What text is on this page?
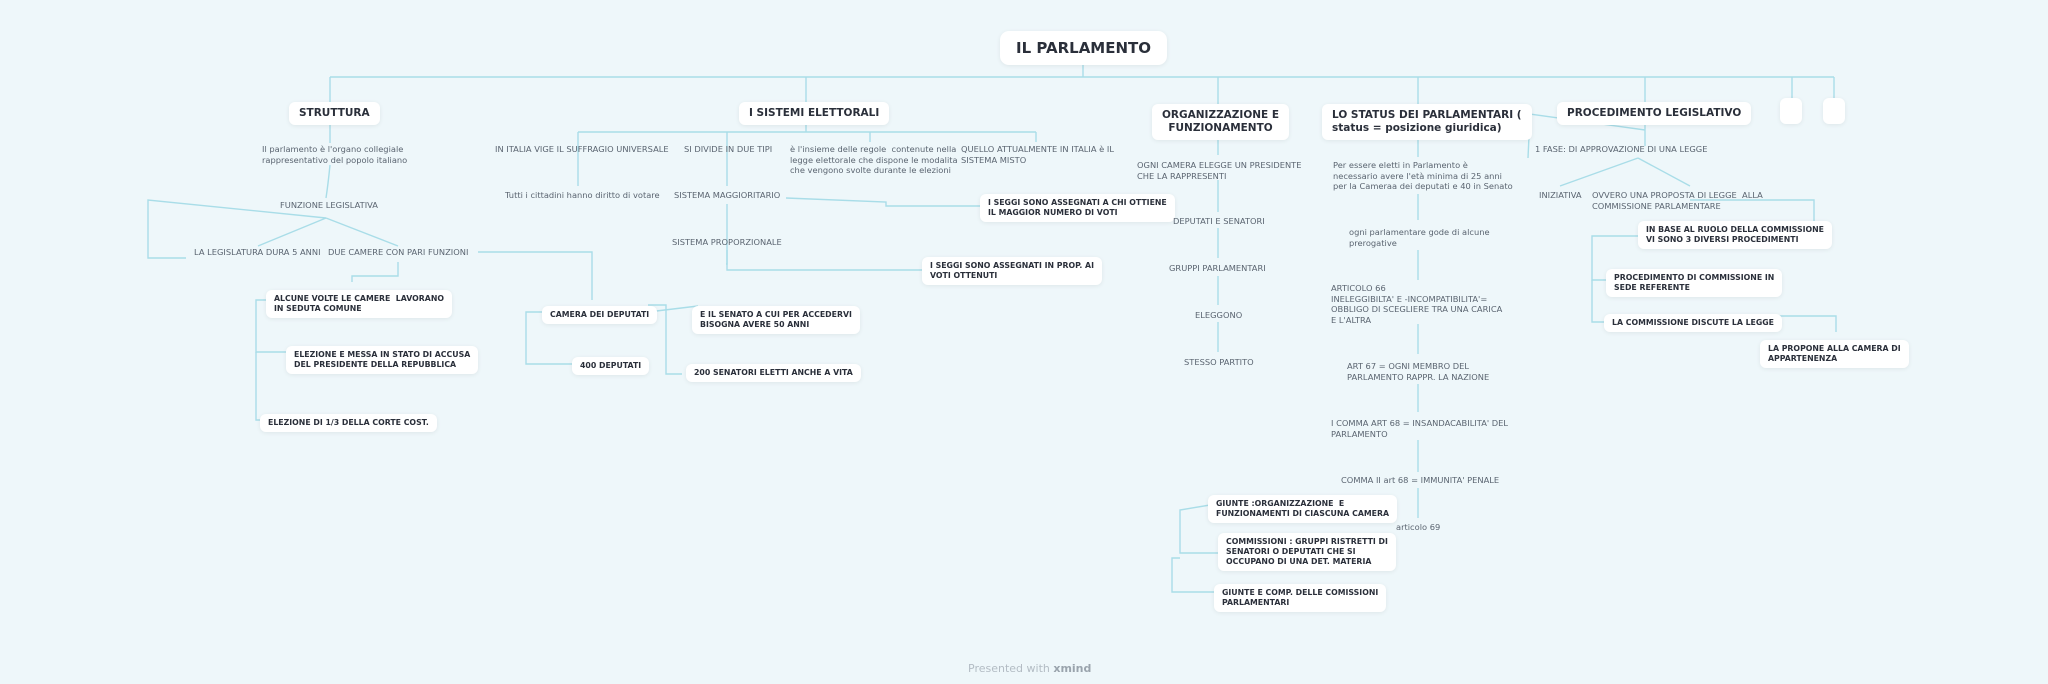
IL PARLAMENTO
STRUTTURA	I SISTEMI ELETTORALI	ORGANIZZAZIONE E
FUNZIONAMENTO
LO STATUS DEI PARLAMENTARI (
status = posizione giuridica)
PROCEDIMENTO LEGISLATIVO
Il parlamento è l'organo collegiale
rappresentativo del popolo italiano
FUNZIONE LEGISLATIVA
LA LEGISLATURA DURA 5 ANNI DUE CAMERE CON PARI FUNZIONI
ALCUNE VOLTE LE CAMERE  LAVORANO
IN SEDUTA COMUNE
ELEZIONE E MESSA IN STATO DI ACCUSA
DEL PRESIDENTE DELLA REPUBBLICA
ELEZIONE DI 1/3 DELLA CORTE COST.
CAMERA DEI DEPUTATI
400 DEPUTATI
E IL SENATO A CUI PER ACCEDERVI
BISOGNA AVERE 50 ANNI
200 SENATORI ELETTI ANCHE A VITA
IN ITALIA VIGE IL SUFFRAGIO UNIVERSALE
Tutti i cittadini hanno diritto di votare
SI DIVIDE IN DUE TIPI
SISTEMA MAGGIORITARIO
SISTEMA PROPORZIONALE
I SEGGI SONO ASSEGNATI A CHI OTTIENE
IL MAGGIOR NUMERO DI VOTI
I SEGGI SONO ASSEGNATI IN PROP. AI
VOTI OTTENUTI
è l'insieme delle regole  contenute nella
legge elettorale che dispone le modalita
che vengono svolte durante le elezioni
QUELLO ATTUALMENTE IN ITALIA è IL
SISTEMA MISTO
OGNI CAMERA ELEGGE UN PRESIDENTE
CHE LA RAPPRESENTI
DEPUTATI E SENATORI
GRUPPI PARLAMENTARI
ELEGGONO
STESSO PARTITO
GIUNTE :ORGANIZZAZIONE  E
FUNZIONAMENTI DI CIASCUNA CAMERA
COMMISSIONI : GRUPPI RISTRETTI DI
SENATORI O DEPUTATI CHE SI
OCCUPANO DI UNA DET. MATERIA
GIUNTE E COMP. DELLE COMISSIONI
PARLAMENTARI
Per essere eletti in Parlamento è
necessario avere l'età minima di 25 anni
per la Cameraa dei deputati e 40 in Senato
ogni parlamentare gode di alcune
prerogative
ARTICOLO 66
INELEGGIBILTA' E -INCOMPATIBILITA'=
OBBLIGO DI SCEGLIERE TRA UNA CARICA
E L'ALTRA
ART 67 = OGNI MEMBRO DEL
PARLAMENTO RAPPR. LA NAZIONE
I COMMA ART 68 = INSANDACABILITA' DEL
PARLAMENTO
COMMA II art 68 = IMMUNITA' PENALE
articolo 69
1 FASE: DI APPROVAZIONE DI UNA LEGGE
INIZIATIVA OVVERO UNA PROPOSTA DI LEGGE  ALLA
COMMISSIONE PARLAMENTARE
IN BASE AL RUOLO DELLA COMMISSIONE
VI SONO 3 DIVERSI PROCEDIMENTI
PROCEDIMENTO DI COMMISSIONE IN
SEDE REFERENTE
LA COMMISSIONE DISCUTE LA LEGGE
LA PROPONE ALLA CAMERA DI
APPARTENENZA
Presented with xmind
